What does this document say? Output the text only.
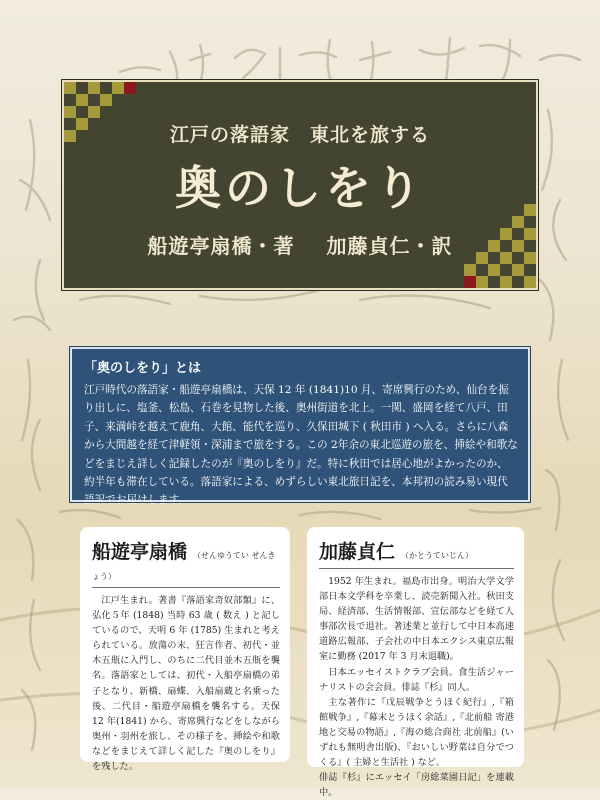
江戸の落語家　東北を旅する
奥のしをり
船遊亭扇橋・著 加藤貞仁・訳
「奥のしをり」とは

江戸時代の落語家・船遊亭扇橋は、天保 12 年 (1841)10 月、寄席興行のため、仙台を振り出しに、塩釜、松島、石巻を見物した後、奥州街道を北上。一関、盛岡を経て八戸、田子、来満峠を越えて鹿角、大館、能代を巡り、久保田城下 ( 秋田市 ) へ入る。さらに八森から大間越を経て津軽領・深浦まで旅をする。この 2年余の東北巡遊の旅を、挿絵や和歌などをまじえ詳しく記録したのが『奥のしをり』だ。特に秋田では居心地がよかったのか、約半年も滞在している。落語家による、めずらしい東北旅日記を、本邦初の読み易い現代語訳でお届けします。

船遊亭扇橋 （せんゆうてい せんきょう）

江戸生まれ。著書『落語家奇奴部類』に、弘化５年 (1848) 当時 63 歳 ( 数え ) と記しているので、天明 6 年 (1785) 生まれと考えられている。放蕩の末、狂言作者、初代・並木五瓶に入門し、のちに二代目並木五瓶を襲名。落語家としては、初代・入船亭扇橋の弟子となり、新橋、扇蝶、入船扇蔵と名乗った後、二代目・船遊亭扇橋を襲名する。天保 12 年(1841) から、寄席興行などをしながら奥州・羽州を旅し、その様子を、挿絵や和歌などをまじえて詳しく記した『奥のしをり』を残した。

加藤貞仁 （かとうていじん）

1952 年生まれ。福島市出身。明治大学文学部日本文学科を卒業し、読売新聞入社。秋田支局、経済部、生活情報部、宣伝部などを経て人事部次長で退社。著述業と並行して中日本高速道路広報部、子会社の中日本エクシス東京広報室に勤務 (2017 年 3 月末退職)。

日本エッセイストクラブ会員。食生活ジャーナリストの会会員。俳誌『杉』同人。

主な著作に『戊辰戦争とうほく紀行』,『箱館戦争』,『幕末とうほく余話』,『北前船 寄港地と交易の物語』,『海の総合商社 北前船』(いずれも無明舎出版)、『おいしい野菜は自分でつくる』( 主婦と生活社 ) など。

俳誌『杉』にエッセイ「房総菜園日記」を連載中。
